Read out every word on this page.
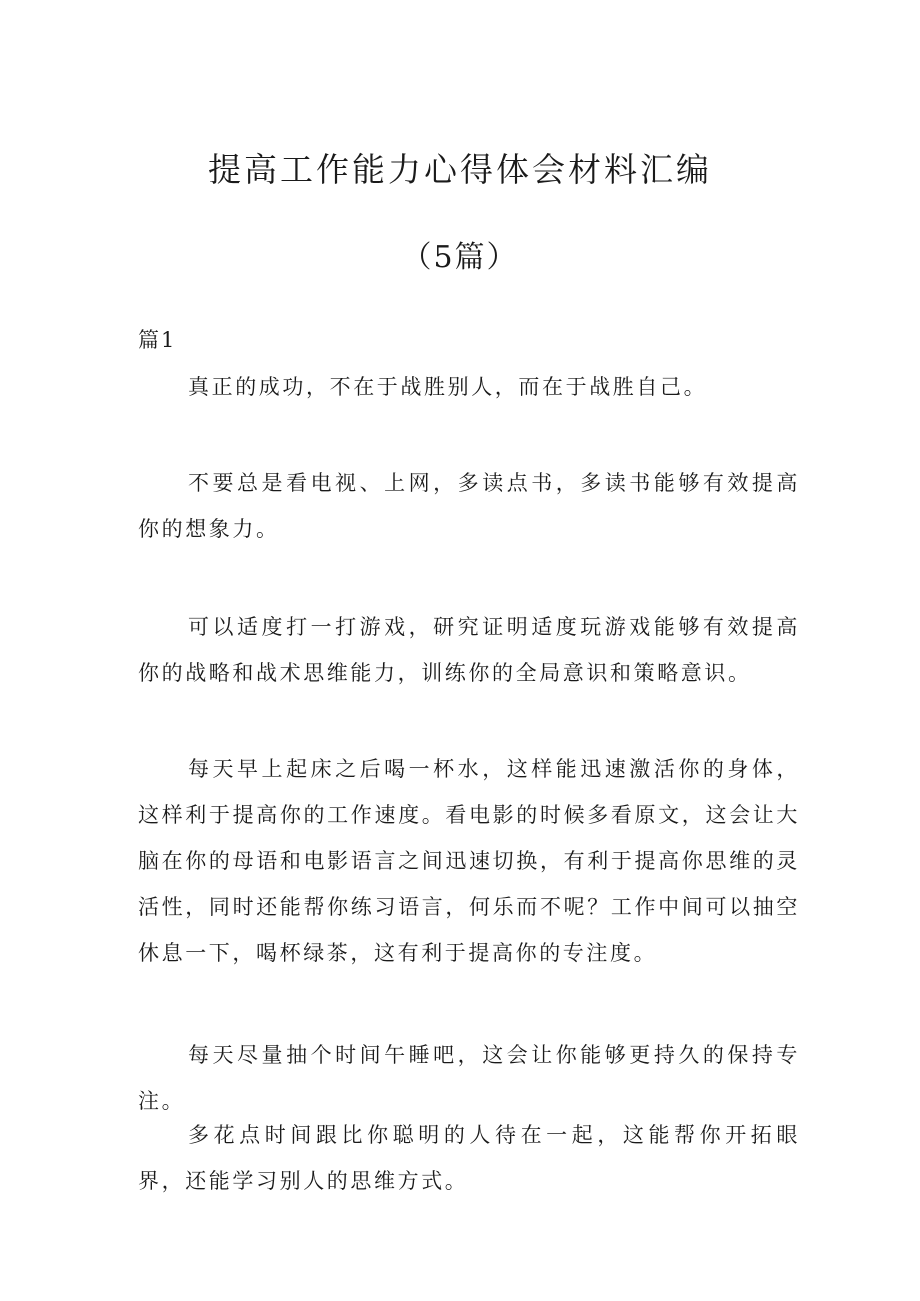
提高工作能力心得体会材料汇编
（5篇）
篇1

真正的成功，不在于战胜别人，而在于战胜自己。

不要总是看电视、上网，多读点书，多读书能够有效提高你的想象力。

可以适度打一打游戏，研究证明适度玩游戏能够有效提高你的战略和战术思维能力，训练你的全局意识和策略意识。

每天早上起床之后喝一杯水，这样能迅速激活你的身体，这样利于提高你的工作速度。看电影的时候多看原文，这会让大脑在你的母语和电影语言之间迅速切换，有利于提高你思维的灵活性，同时还能帮你练习语言，何乐而不呢？工作中间可以抽空休息一下，喝杯绿茶，这有利于提高你的专注度。

每天尽量抽个时间午睡吧，这会让你能够更持久的保持专注。

多花点时间跟比你聪明的人待在一起，这能帮你开拓眼界，还能学习别人的思维方式。
